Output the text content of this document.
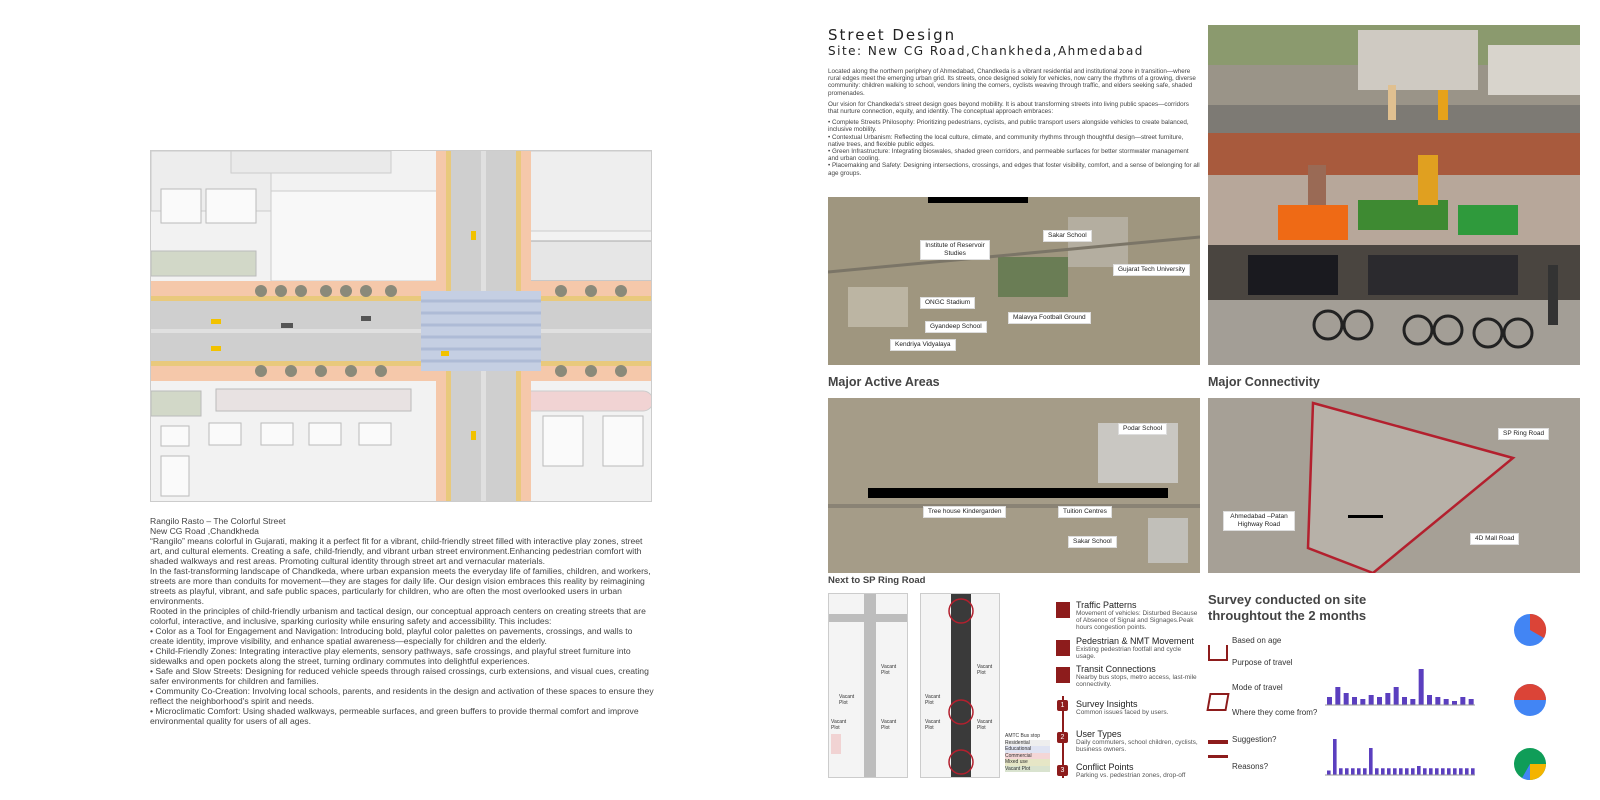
Rangilo Rasto – The Colorful Street
New CG Road ,Chandkheda
“Rangilo” means colorful in Gujarati, making it a perfect fit for a vibrant, child-friendly street filled with interactive play zones, street art, and cultural elements. Creating a safe, child-friendly, and vibrant urban street environment.Enhancing pedestrian comfort with shaded walkways and rest areas. Promoting cultural identity through street art and vernacular materials.
In the fast-transforming landscape of Chandkeda, where urban expansion meets the everyday life of families, children, and workers, streets are more than conduits for movement—they are stages for daily life. Our design vision embraces this reality by reimagining streets as playful, vibrant, and safe public spaces, particularly for children, who are often the most overlooked users in urban environments.
Rooted in the principles of child-friendly urbanism and tactical design, our conceptual approach centers on creating streets that are colorful, interactive, and inclusive, sparking curiosity while ensuring safety and accessibility. This includes:
• Color as a Tool for Engagement and Navigation: Introducing bold, playful color palettes on pavements, crossings, and walls to create identity, improve visibility, and enhance spatial awareness—especially for children and the elderly.
• Child-Friendly Zones: Integrating interactive play elements, sensory pathways, safe crossings, and playful street furniture into sidewalks and open pockets along the street, turning ordinary commutes into delightful experiences.
• Safe and Slow Streets: Designing for reduced vehicle speeds through raised crossings, curb extensions, and visual cues, creating safer environments for children and families.
• Community Co-Creation: Involving local schools, parents, and residents in the design and activation of these spaces to ensure they reflect the neighborhood's spirit and needs.
• Microclimatic Comfort: Using shaded walkways, permeable surfaces, and green buffers to provide thermal comfort and improve environmental quality for users of all ages.
Street Design
Site: New CG Road,Chankheda,Ahmedabad

Located along the northern periphery of Ahmedabad, Chandkeda is a vibrant residential and institutional zone in transition—where rural edges meet the emerging urban grid. Its streets, once designed solely for vehicles, now carry the rhythms of a growing, diverse community: children walking to school, vendors lining the corners, cyclists weaving through traffic, and elders seeking safe, shaded promenades.

Our vision for Chandkeda's street design goes beyond mobility. It is about transforming streets into living public spaces—corridors that nurture connection, equity, and identity. The conceptual approach embraces:

• Complete Streets Philosophy: Prioritizing pedestrians, cyclists, and public transport users alongside vehicles to create balanced, inclusive mobility.
• Contextual Urbanism: Reflecting the local culture, climate, and community rhythms through thoughtful design—street furniture, native trees, and flexible public edges.
• Green Infrastructure: Integrating bioswales, shaded green corridors, and permeable surfaces for better stormwater management and urban cooling.
• Placemaking and Safety: Designing intersections, crossings, and edges that foster visibility, comfort, and a sense of belonging for all age groups.
Sakar School
Institute of Reservoir Studies
Gujarat Tech University
ONGC Stadium
Malavya Football Ground
Gyandeep School
Kendriya Vidyalaya
Major Active Areas	Major Connectivity
Podar School
Tree house Kindergarden	Tuition Centres
Sakar School
SP Ring Road
Ahmedabad –Patan Highway Road
4D Mall Road
Next to SP Ring Road
Vacant Plot
Vacant Plot
Vacant Plot
Vacant Plot
Vacant Plot
Vacant Plot
Vacant Plot
Vacant Plot
AMTC Bus stop
Residential
Educational
Commercial
Mixed use
Vacant Plot
Traffic Patterns
Movement of vehicles: Disturbed Because of Absence of Signal and Signages.Peak hours congestion points.
Pedestrian & NMT Movement
Existing pedestrian footfall and cycle usage.
Transit Connections
Nearby bus stops, metro access, last-mile connectivity.
1	Survey Insights
Common issues faced by users.
2	User Types
Daily commuters, school children, cyclists, business owners.
3	Conflict Points
Parking vs. pedestrian zones, drop-off
Survey conducted on site
throughtout the 2 months
Based on age
Purpose of travel
Mode of travel
Where they come from?
Suggestion?
Reasons?
